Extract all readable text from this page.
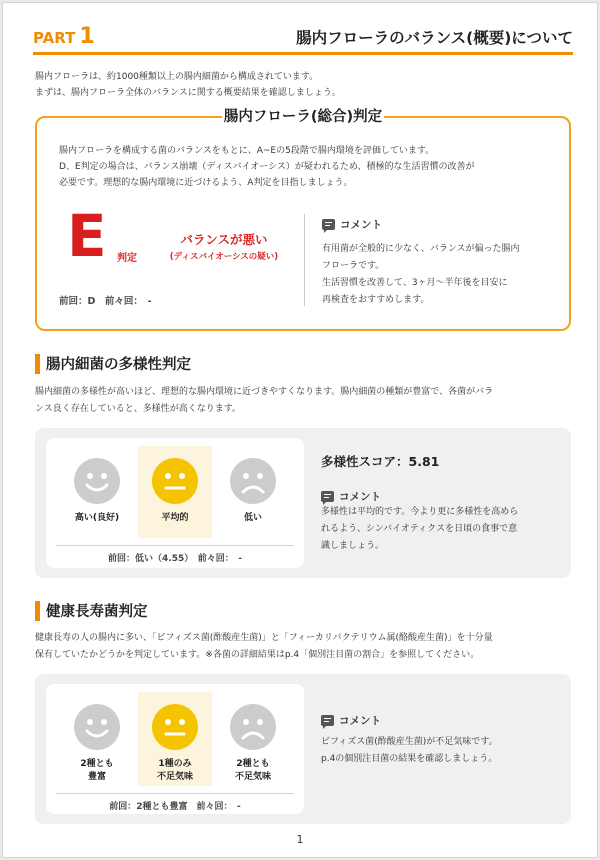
PART 1	腸内フローラのバランス(概要)について
腸内フローラは、約1000種類以上の腸内細菌から構成されています。
まずは、腸内フローラ全体のバランスに関する概要結果を確認しましょう。
腸内フローラ(総合)判定
腸内フローラを構成する菌のバランスをもとに、A~Eの5段階で腸内環境を評価しています。
D、E判定の場合は、バランス崩壊（ディスバイオーシス）が疑われるため、積極的な生活習慣の改善が
必要です。理想的な腸内環境に近づけるよう、A判定を目指しましょう。
E 判定
バランスが悪い
(ディスバイオーシスの疑い)
前回：D　前々回：　-
コメント
有用菌が全般的に少なく、バランスが偏った腸内
フローラです。
生活習慣を改善して、3ヶ月～半年後を目安に
再検査をおすすめします。
腸内細菌の多様性判定
腸内細菌の多様性が高いほど、理想的な腸内環境に近づきやすくなります。腸内細菌の種類が豊富で、各菌がバラ
ンス良く存在していると、多様性が高くなります。
高い(良好)	平均的	低い
前回：低い（4.55）　前々回：　-
多様性スコア：5.81
コメント
多様性は平均的です。今より更に多様性を高めら
れるよう、シンバイオティクスを日頃の食事で意
識しましょう。
健康長寿菌判定
健康長寿の人の腸内に多い、「ビフィズス菌(酢酸産生菌)」と「フィーカリバクテリウム属(酪酸産生菌)」を十分量
保有していたかどうかを判定しています。※各菌の詳細結果はp.4「個別注目菌の割合」を参照してください。
2種とも
豊富
1種のみ
不足気味
2種とも
不足気味
前回：2種とも豊富　前々回：　-
コメント
ビフィズス菌(酢酸産生菌)が不足気味です。
p.4の個別注目菌の結果を確認しましょう。
1
